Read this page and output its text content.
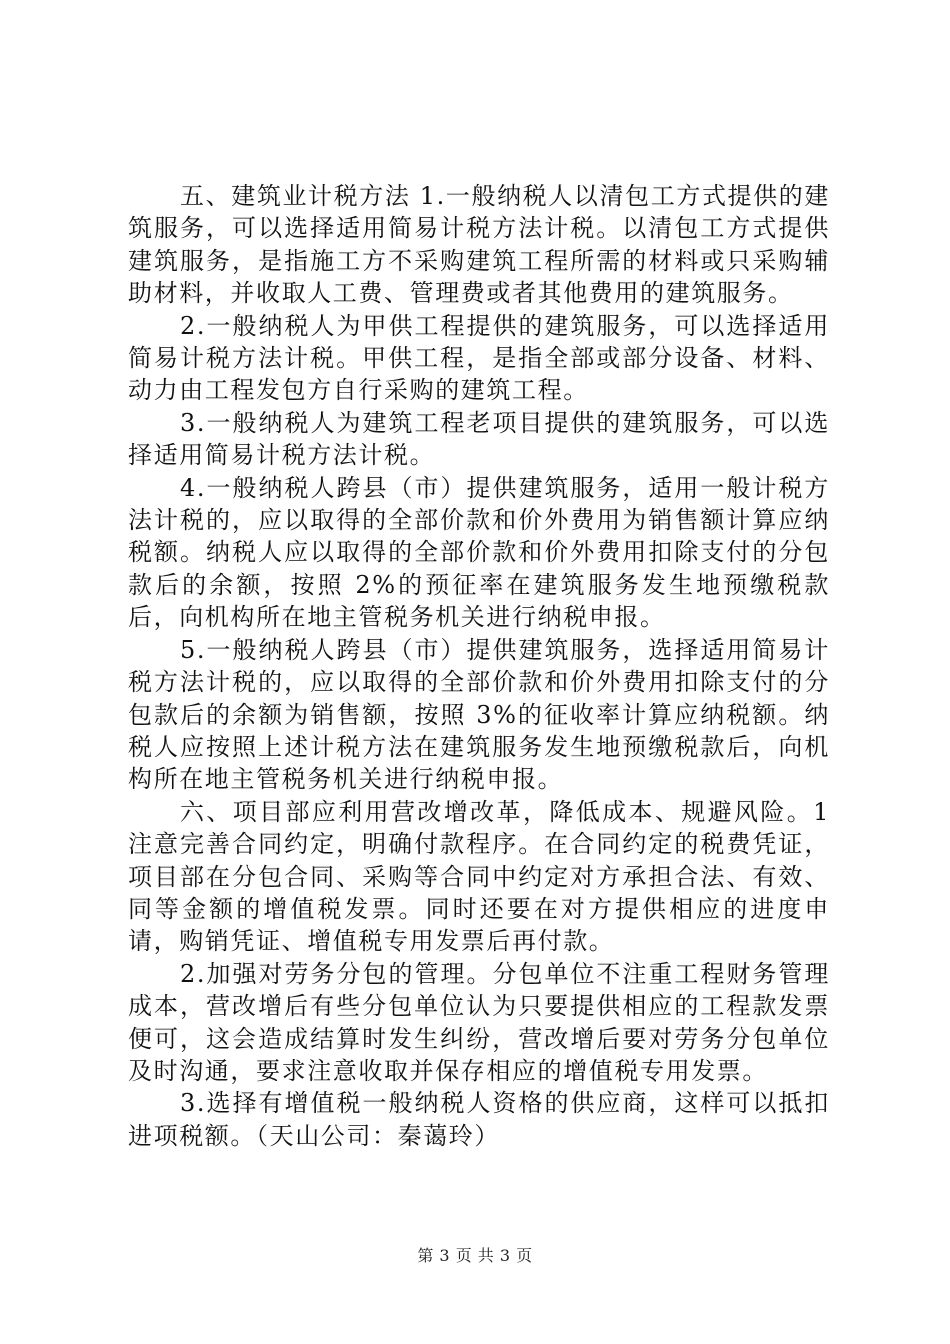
五、建筑业计税方法 1.一般纳税人以清包工方式提供的建筑服务，可以选择适用简易计税方法计税。以清包工方式提供建筑服务，是指施工方不采购建筑工程所需的材料或只采购辅助材料，并收取人工费、管理费或者其他费用的建筑服务。

2.一般纳税人为甲供工程提供的建筑服务，可以选择适用简易计税方法计税。甲供工程，是指全部或部分设备、材料、动力由工程发包方自行采购的建筑工程。

3.一般纳税人为建筑工程老项目提供的建筑服务，可以选择适用简易计税方法计税。

4.一般纳税人跨县（市）提供建筑服务，适用一般计税方法计税的，应以取得的全部价款和价外费用为销售额计算应纳税额。纳税人应以取得的全部价款和价外费用扣除支付的分包款后的余额，按照 2%的预征率在建筑服务发生地预缴税款后，向机构所在地主管税务机关进行纳税申报。

5.一般纳税人跨县（市）提供建筑服务，选择适用简易计税方法计税的，应以取得的全部价款和价外费用扣除支付的分包款后的余额为销售额，按照 3%的征收率计算应纳税额。纳税人应按照上述计税方法在建筑服务发生地预缴税款后，向机构所在地主管税务机关进行纳税申报。

六、项目部应利用营改增改革，降低成本、规避风险。1 注意完善合同约定，明确付款程序。在合同约定的税费凭证，项目部在分包合同、采购等合同中约定对方承担合法、有效、同等金额的增值税发票。同时还要在对方提供相应的进度申请，购销凭证、增值税专用发票后再付款。

2.加强对劳务分包的管理。分包单位不注重工程财务管理成本，营改增后有些分包单位认为只要提供相应的工程款发票便可，这会造成结算时发生纠纷，营改增后要对劳务分包单位及时沟通，要求注意收取并保存相应的增值税专用发票。

3.选择有增值税一般纳税人资格的供应商，这样可以抵扣进项税额。（天山公司：秦蔼玲）

第 3 页 共 3 页
